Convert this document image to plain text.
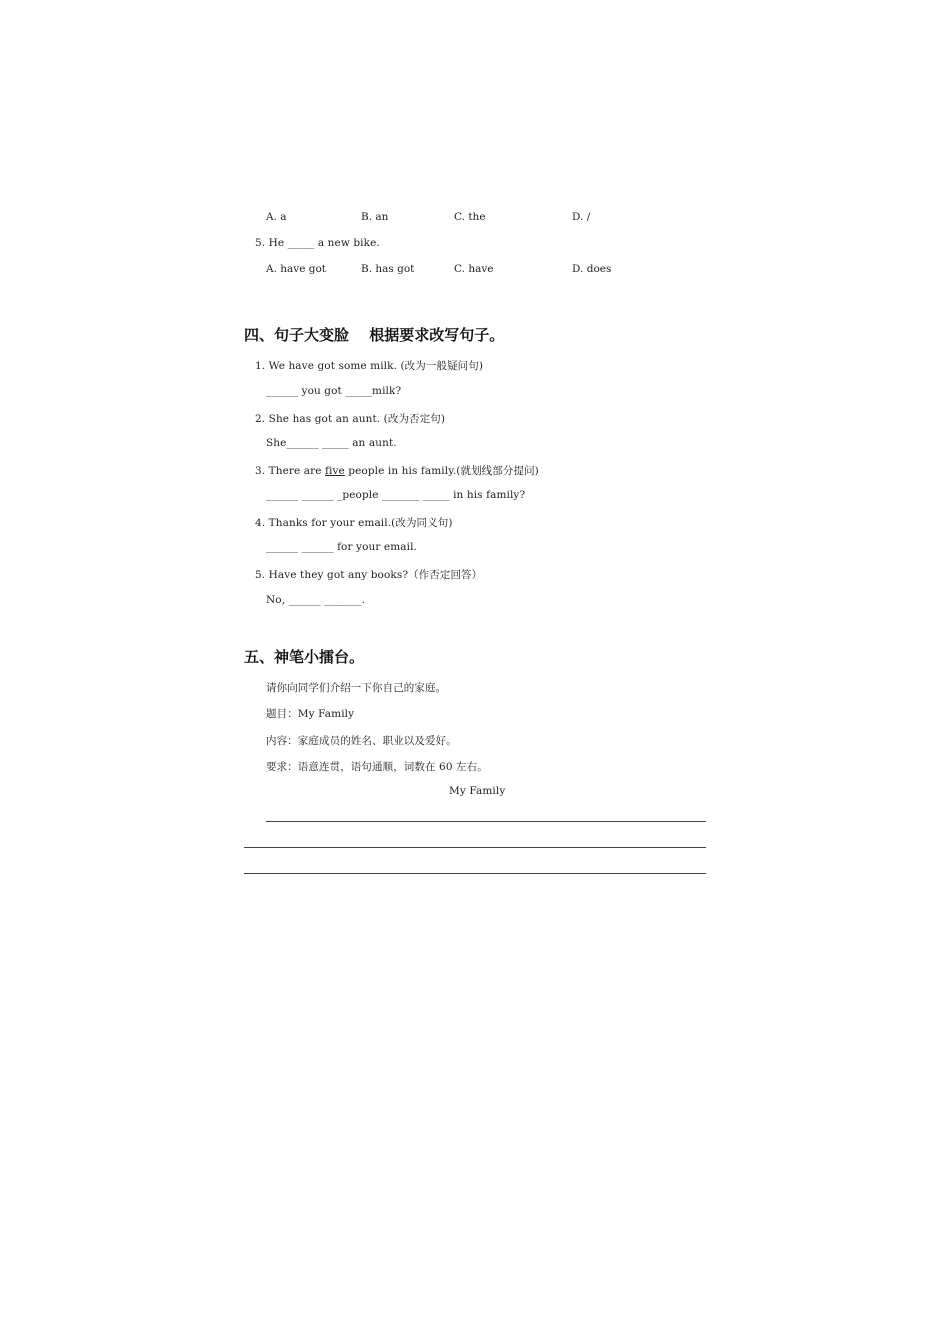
A. a	B. an	C. the	D. /
5. He _____ a new bike.
A. have got	B. has got	C. have	D. does
四、句子大变脸　 根据要求改写句子。
1. We have got some milk. (改为一般疑问句)
______ you got _____milk?
2. She has got an aunt. (改为否定句)
She______ _____ an aunt.
3. There are five people in his family.(就划线部分提问)
______ ______ _people _______ _____ in his family?
4. Thanks for your email.(改为同义句)
______ ______ for your email.
5. Have they got any books?（作否定回答）
No, ______ _______.
五、神笔小擂台。
请你向同学们介绍一下你自己的家庭。
题目：My Family
内容：家庭成员的姓名、职业以及爱好。
要求：语意连贯，语句通顺，词数在 60 左右。
My Family
